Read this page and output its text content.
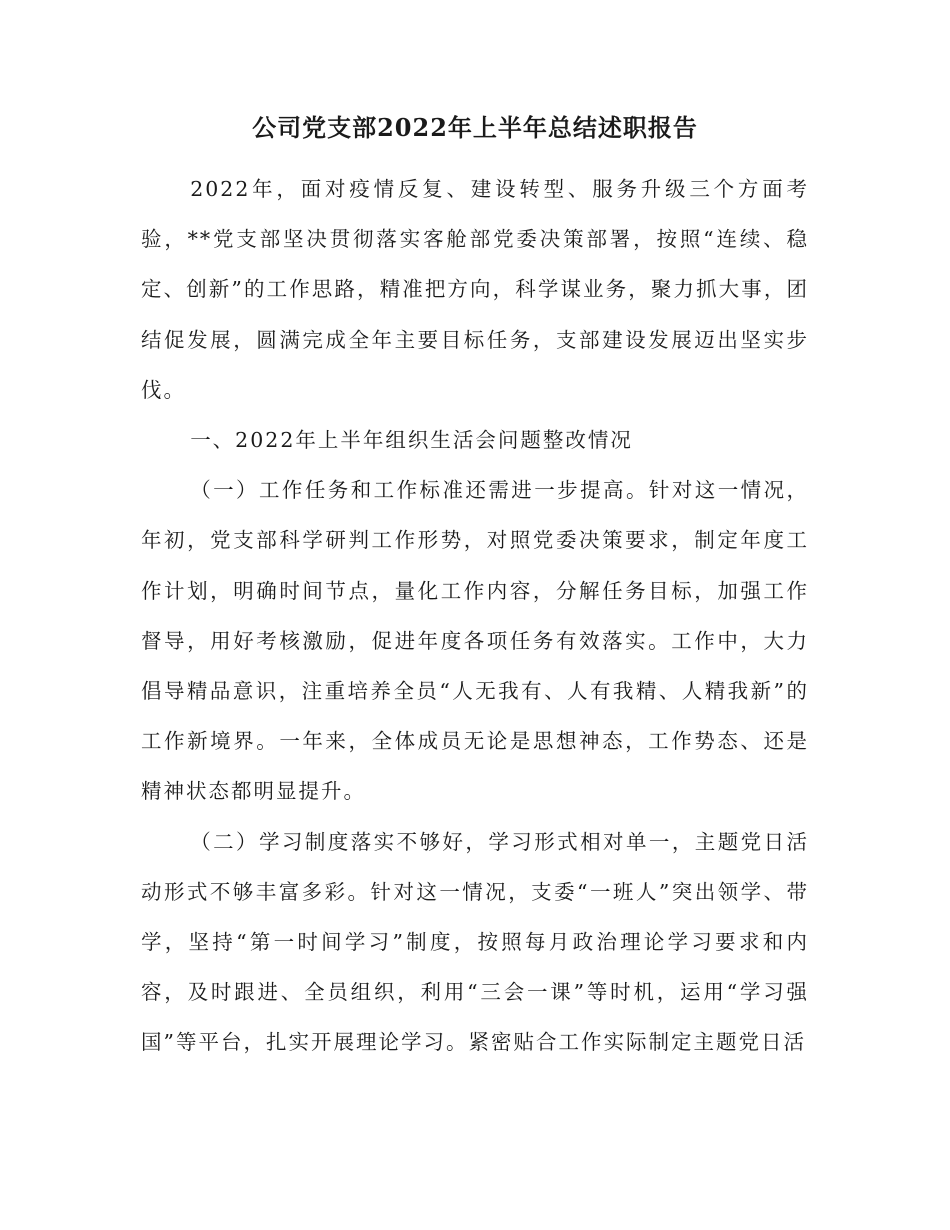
公司党支部2022年上半年总结述职报告

2022年，面对疫情反复、建设转型、服务升级三个方面考验，**党支部坚决贯彻落实客舱部党委决策部署，按照“连续、稳定、创新”的工作思路，精准把方向，科学谋业务，聚力抓大事，团结促发展，圆满完成全年主要目标任务，支部建设发展迈出坚实步伐。

一、2022年上半年组织生活会问题整改情况

（一）工作任务和工作标准还需进一步提高。针对这一情况，年初，党支部科学研判工作形势，对照党委决策要求，制定年度工作计划，明确时间节点，量化工作内容，分解任务目标，加强工作督导，用好考核激励，促进年度各项任务有效落实。工作中，大力倡导精品意识，注重培养全员“人无我有、人有我精、人精我新”的工作新境界。一年来，全体成员无论是思想神态，工作势态、还是精神状态都明显提升。

（二）学习制度落实不够好，学习形式相对单一，主题党日活动形式不够丰富多彩。针对这一情况，支委“一班人”突出领学、带学，坚持“第一时间学习”制度，按照每月政治理论学习要求和内容，及时跟进、全员组织，利用“三会一课”等时机，运用“学习强国”等平台，扎实开展理论学习。紧密贴合工作实际制定主题党日活
